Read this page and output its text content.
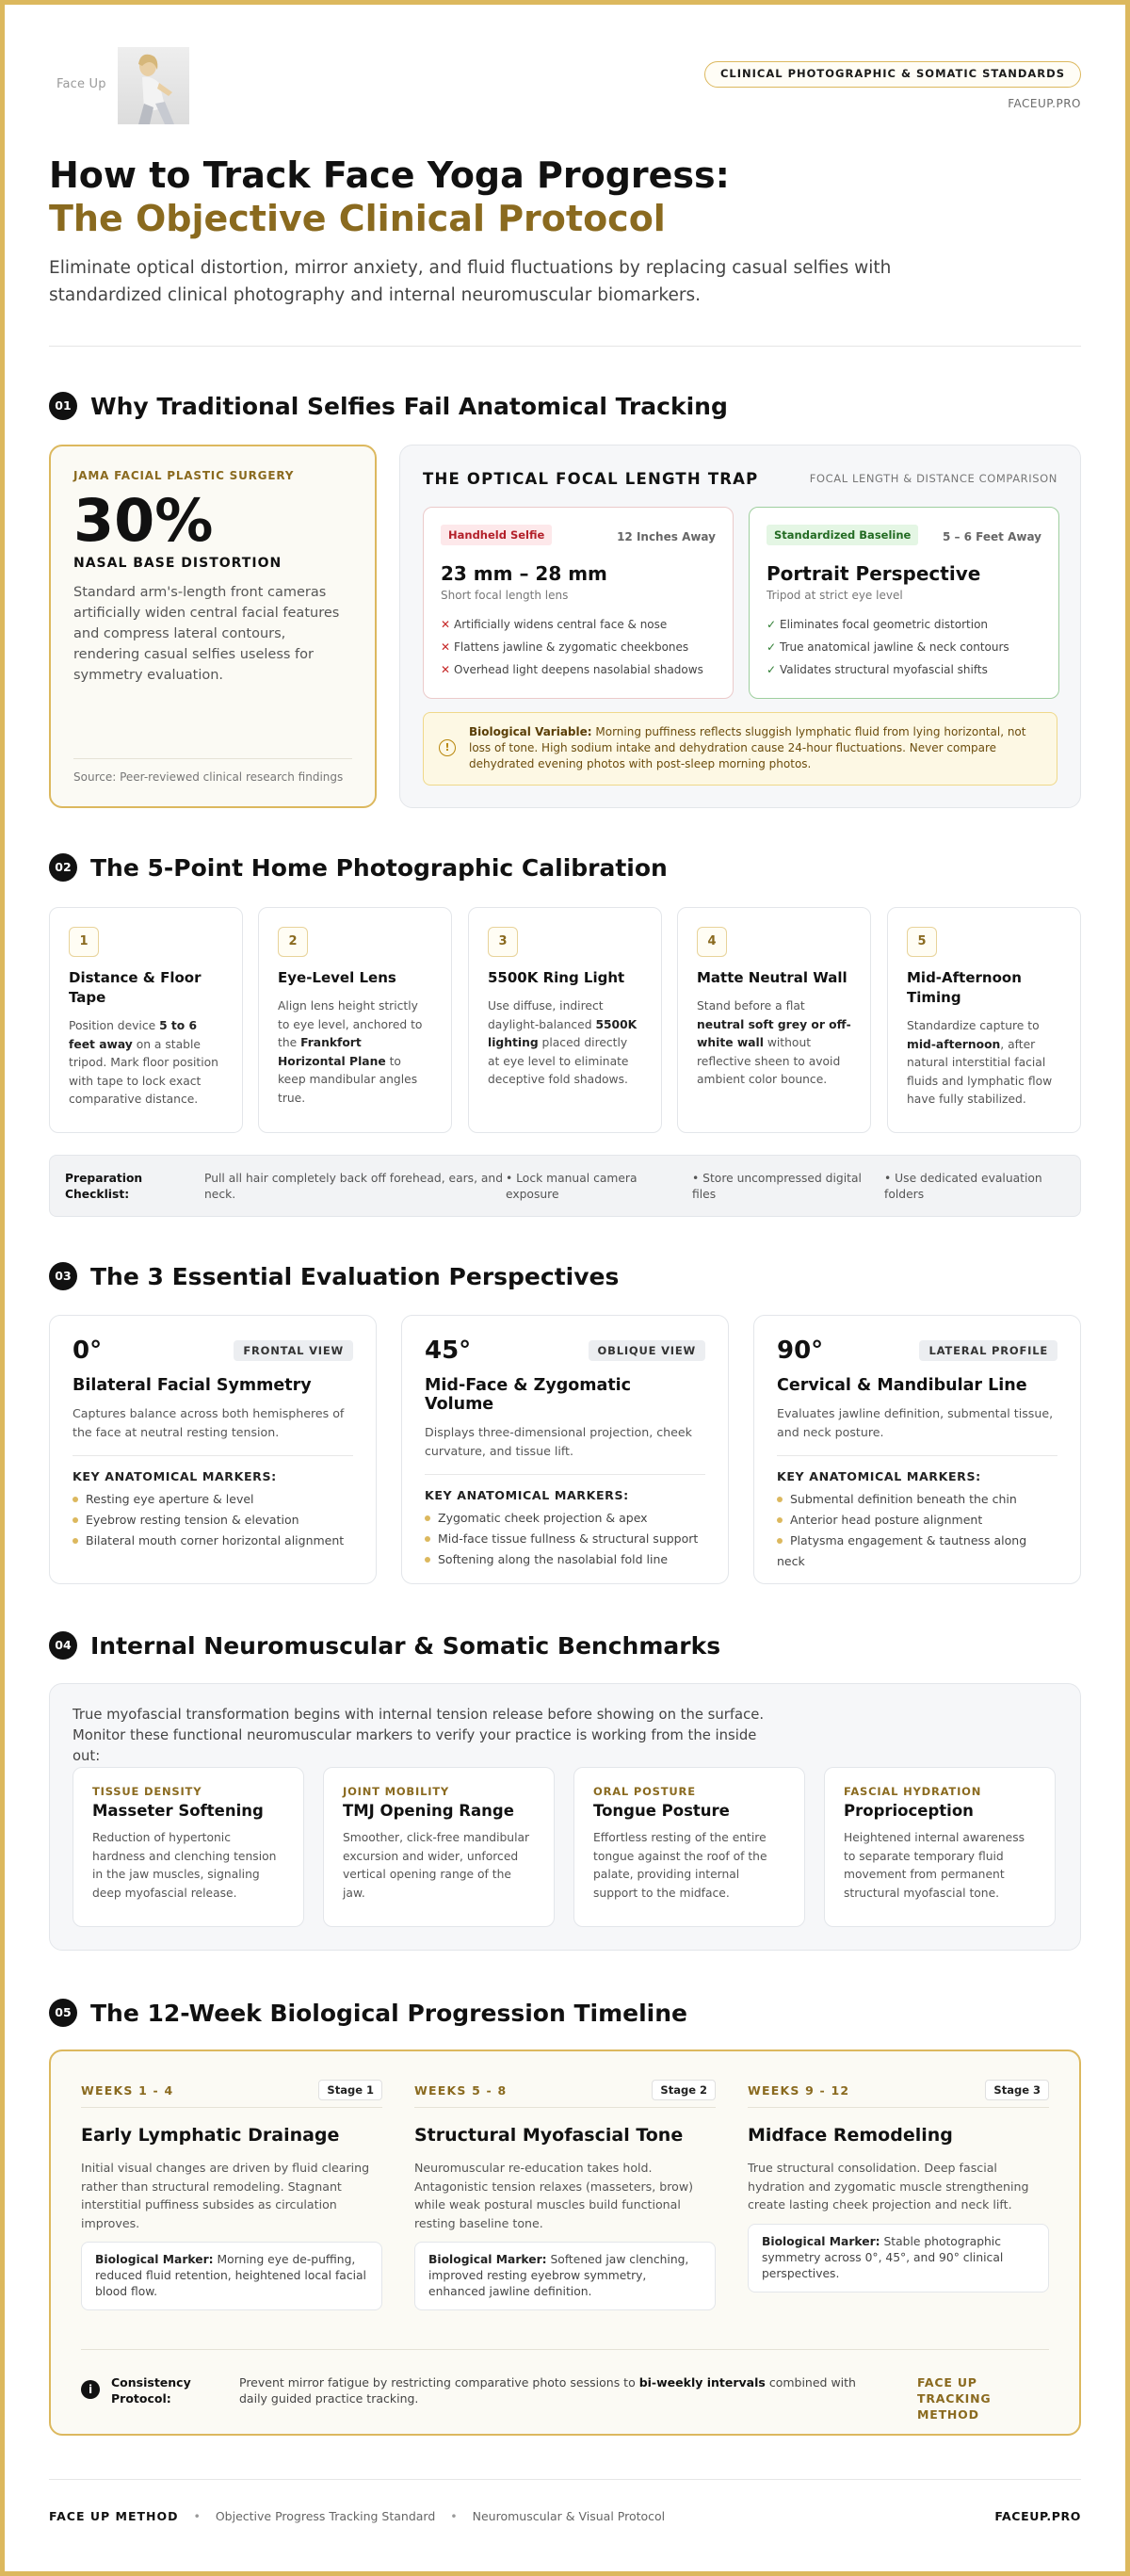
Face Up
CLINICAL PHOTOGRAPHIC & SOMATIC STANDARDS
FACEUP.PRO
How to Track Face Yoga Progress:
The Objective Clinical Protocol

Eliminate optical distortion, mirror anxiety, and fluid fluctuations by replacing casual selfies with standardized clinical photography and internal neuromuscular biomarkers.

01 Why Traditional Selfies Fail Anatomical Tracking
JAMA FACIAL PLASTIC SURGERY
30%
NASAL BASE DISTORTION

Standard arm's-length front cameras artificially widen central facial features and compress lateral contours, rendering casual selfies useless for symmetry evaluation.

Source: Peer-reviewed clinical research findings
THE OPTICAL FOCAL LENGTH TRAP	FOCAL LENGTH & DISTANCE COMPARISON
Handheld Selfie	12 Inches Away
23 mm – 28 mm
Short focal length lens
✕ Artificially widens central face & nose
✕ Flattens jawline & zygomatic cheekbones
✕ Overhead light deepens nasolabial shadows
Standardized Baseline	5 – 6 Feet Away
Portrait Perspective
Tripod at strict eye level
✓ Eliminates focal geometric distortion
✓ True anatomical jawline & neck contours
✓ Validates structural myofascial shifts
!
Biological Variable: Morning puffiness reflects sluggish lymphatic fluid from lying horizontal, not loss of tone. High sodium intake and dehydration cause 24-hour fluctuations. Never compare dehydrated evening photos with post-sleep morning photos.
02 The 5-Point Home Photographic Calibration
1
Distance & Floor Tape

Position device 5 to 6 feet away on a stable tripod. Mark floor position with tape to lock exact comparative distance.

2
Eye-Level Lens

Align lens height strictly to eye level, anchored to the Frankfort Horizontal Plane to keep mandibular angles true.

3
5500K Ring Light

Use diffuse, indirect daylight-balanced 5500K lighting placed directly at eye level to eliminate deceptive fold shadows.

4
Matte Neutral Wall

Stand before a flat neutral soft grey or off-white wall without reflective sheen to avoid ambient color bounce.

5
Mid-Afternoon Timing

Standardize capture to mid-afternoon, after natural interstitial facial fluids and lymphatic flow have fully stabilized.

Preparation Checklist:
Pull all hair completely back off forehead, ears, and neck.
• Lock manual camera exposure
• Store uncompressed digital files
• Use dedicated evaluation folders
03 The 3 Essential Evaluation Perspectives
0°	FRONTAL VIEW
Bilateral Facial Symmetry

Captures balance across both hemispheres of the face at neutral resting tension.

KEY ANATOMICAL MARKERS:
Resting eye aperture & level
Eyebrow resting tension & elevation
Bilateral mouth corner horizontal alignment
45°	OBLIQUE VIEW
Mid-Face & Zygomatic Volume

Displays three-dimensional projection, cheek curvature, and tissue lift.

KEY ANATOMICAL MARKERS:
Zygomatic cheek projection & apex
Mid-face tissue fullness & structural support
Softening along the nasolabial fold line
90°	LATERAL PROFILE
Cervical & Mandibular Line

Evaluates jawline definition, submental tissue, and neck posture.

KEY ANATOMICAL MARKERS:
Submental definition beneath the chin
Anterior head posture alignment
Platysma engagement & tautness along neck
04 Internal Neuromuscular & Somatic Benchmarks

True myofascial transformation begins with internal tension release before showing on the surface. Monitor these functional neuromuscular markers to verify your practice is working from the inside out:

TISSUE DENSITY
Masseter Softening

Reduction of hypertonic hardness and clenching tension in the jaw muscles, signaling deep myofascial release.

JOINT MOBILITY
TMJ Opening Range

Smoother, click-free mandibular excursion and wider, unforced vertical opening range of the jaw.

ORAL POSTURE
Tongue Posture

Effortless resting of the entire tongue against the roof of the palate, providing internal support to the midface.

FASCIAL HYDRATION
Proprioception

Heightened internal awareness to separate temporary fluid movement from permanent structural myofascial tone.

05 The 12-Week Biological Progression Timeline
WEEKS 1 - 4	Stage 1
Early Lymphatic Drainage

Initial visual changes are driven by fluid clearing rather than structural remodeling. Stagnant interstitial puffiness subsides as circulation improves.

Biological Marker: Morning eye de-puffing, reduced fluid retention, heightened local facial blood flow.
WEEKS 5 - 8	Stage 2
Structural Myofascial Tone

Neuromuscular re-education takes hold. Antagonistic tension relaxes (masseters, brow) while weak postural muscles build functional resting baseline tone.

Biological Marker: Softened jaw clenching, improved resting eyebrow symmetry, enhanced jawline definition.
WEEKS 9 - 12	Stage 3
Midface Remodeling

True structural consolidation. Deep fascial hydration and zygomatic muscle strengthening create lasting cheek projection and neck lift.

Biological Marker: Stable photographic symmetry across 0°, 45°, and 90° clinical perspectives.
i	Consistency Protocol:

Prevent mirror fatigue by restricting comparative photo sessions to bi-weekly intervals combined with daily guided practice tracking.

FACE UP TRACKING METHOD
FACE UP METHOD • Objective Progress Tracking Standard • Neuromuscular & Visual Protocol	FACEUP.PRO
